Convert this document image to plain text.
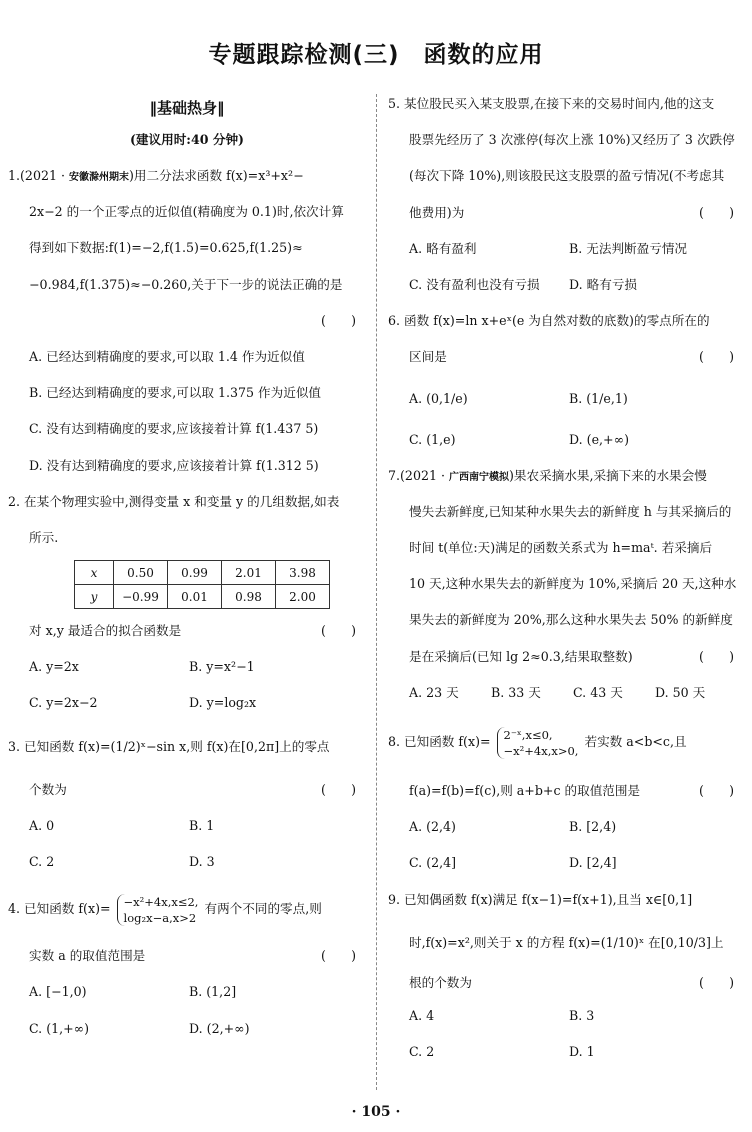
专题跟踪检测(三)　函数的应用
‖基础热身‖
(建议用时:40 分钟)
1.(2021 · 安徽滁州期末)用二分法求函数 f(x)=x³+x²−
2x−2 的一个正零点的近似值(精确度为 0.1)时,依次计算
得到如下数据:f(1)=−2,f(1.5)=0.625,f(1.25)≈
−0.984,f(1.375)≈−0.260,关于下一步的说法正确的是
(　　)
A. 已经达到精确度的要求,可以取 1.4 作为近似值
B. 已经达到精确度的要求,可以取 1.375 作为近似值
C. 没有达到精确度的要求,应该接着计算 f(1.437 5)
D. 没有达到精确度的要求,应该接着计算 f(1.312 5)
2. 在某个物理实验中,测得变量 x 和变量 y 的几组数据,如表
所示.
x	0.50	0.99	2.01	3.98
y	−0.99	0.01	0.98	2.00
对 x,y 最适合的拟合函数是	(　　)
A. y=2x	B. y=x²−1
C. y=2x−2	D. y=log₂x
3. 已知函数 f(x)=(1/2)ˣ−sin x,则 f(x)在[0,2π]上的零点
个数为	(　　)
A. 0	B. 1
C. 2	D. 3
4. 已知函数 f(x)= −x²+4x,x≤2,
log₂x−a,x>2有两个不同的零点,则
实数 a 的取值范围是	(　　)
A. [−1,0)	B. (1,2]
C. (1,+∞)	D. (2,+∞)
5. 某位股民买入某支股票,在接下来的交易时间内,他的这支
股票先经历了 3 次涨停(每次上涨 10%)又经历了 3 次跌停
(每次下降 10%),则该股民这支股票的盈亏情况(不考虑其
他费用)为	(　　)
A. 略有盈利	B. 无法判断盈亏情况
C. 没有盈利也没有亏损	D. 略有亏损
6. 函数 f(x)=ln x+eˣ(e 为自然对数的底数)的零点所在的
区间是	(　　)
A. (0,1/e)	B. (1/e,1)
C. (1,e)	D. (e,+∞)
7.(2021 · 广西南宁模拟)果农采摘水果,采摘下来的水果会慢
慢失去新鲜度,已知某种水果失去的新鲜度 h 与其采摘后的
时间 t(单位:天)满足的函数关系式为 h=maᵗ. 若采摘后
10 天,这种水果失去的新鲜度为 10%,采摘后 20 天,这种水
果失去的新鲜度为 20%,那么这种水果失去 50% 的新鲜度
是在采摘后(已知 lg 2≈0.3,结果取整数)	(　　)
A. 23 天	B. 33 天	C. 43 天	D. 50 天
8. 已知函数 f(x)= 2⁻ˣ,x≤0,
−x²+4x,x>0,若实数 a<b<c,且
f(a)=f(b)=f(c),则 a+b+c 的取值范围是	(　　)
A. (2,4)	B. [2,4)
C. (2,4]	D. [2,4]
9. 已知偶函数 f(x)满足 f(x−1)=f(x+1),且当 x∈[0,1]
时,f(x)=x²,则关于 x 的方程 f(x)=(1/10)ˣ 在[0,10/3]上
根的个数为	(　　)
A. 4	B. 3
C. 2	D. 1
· 105 ·
